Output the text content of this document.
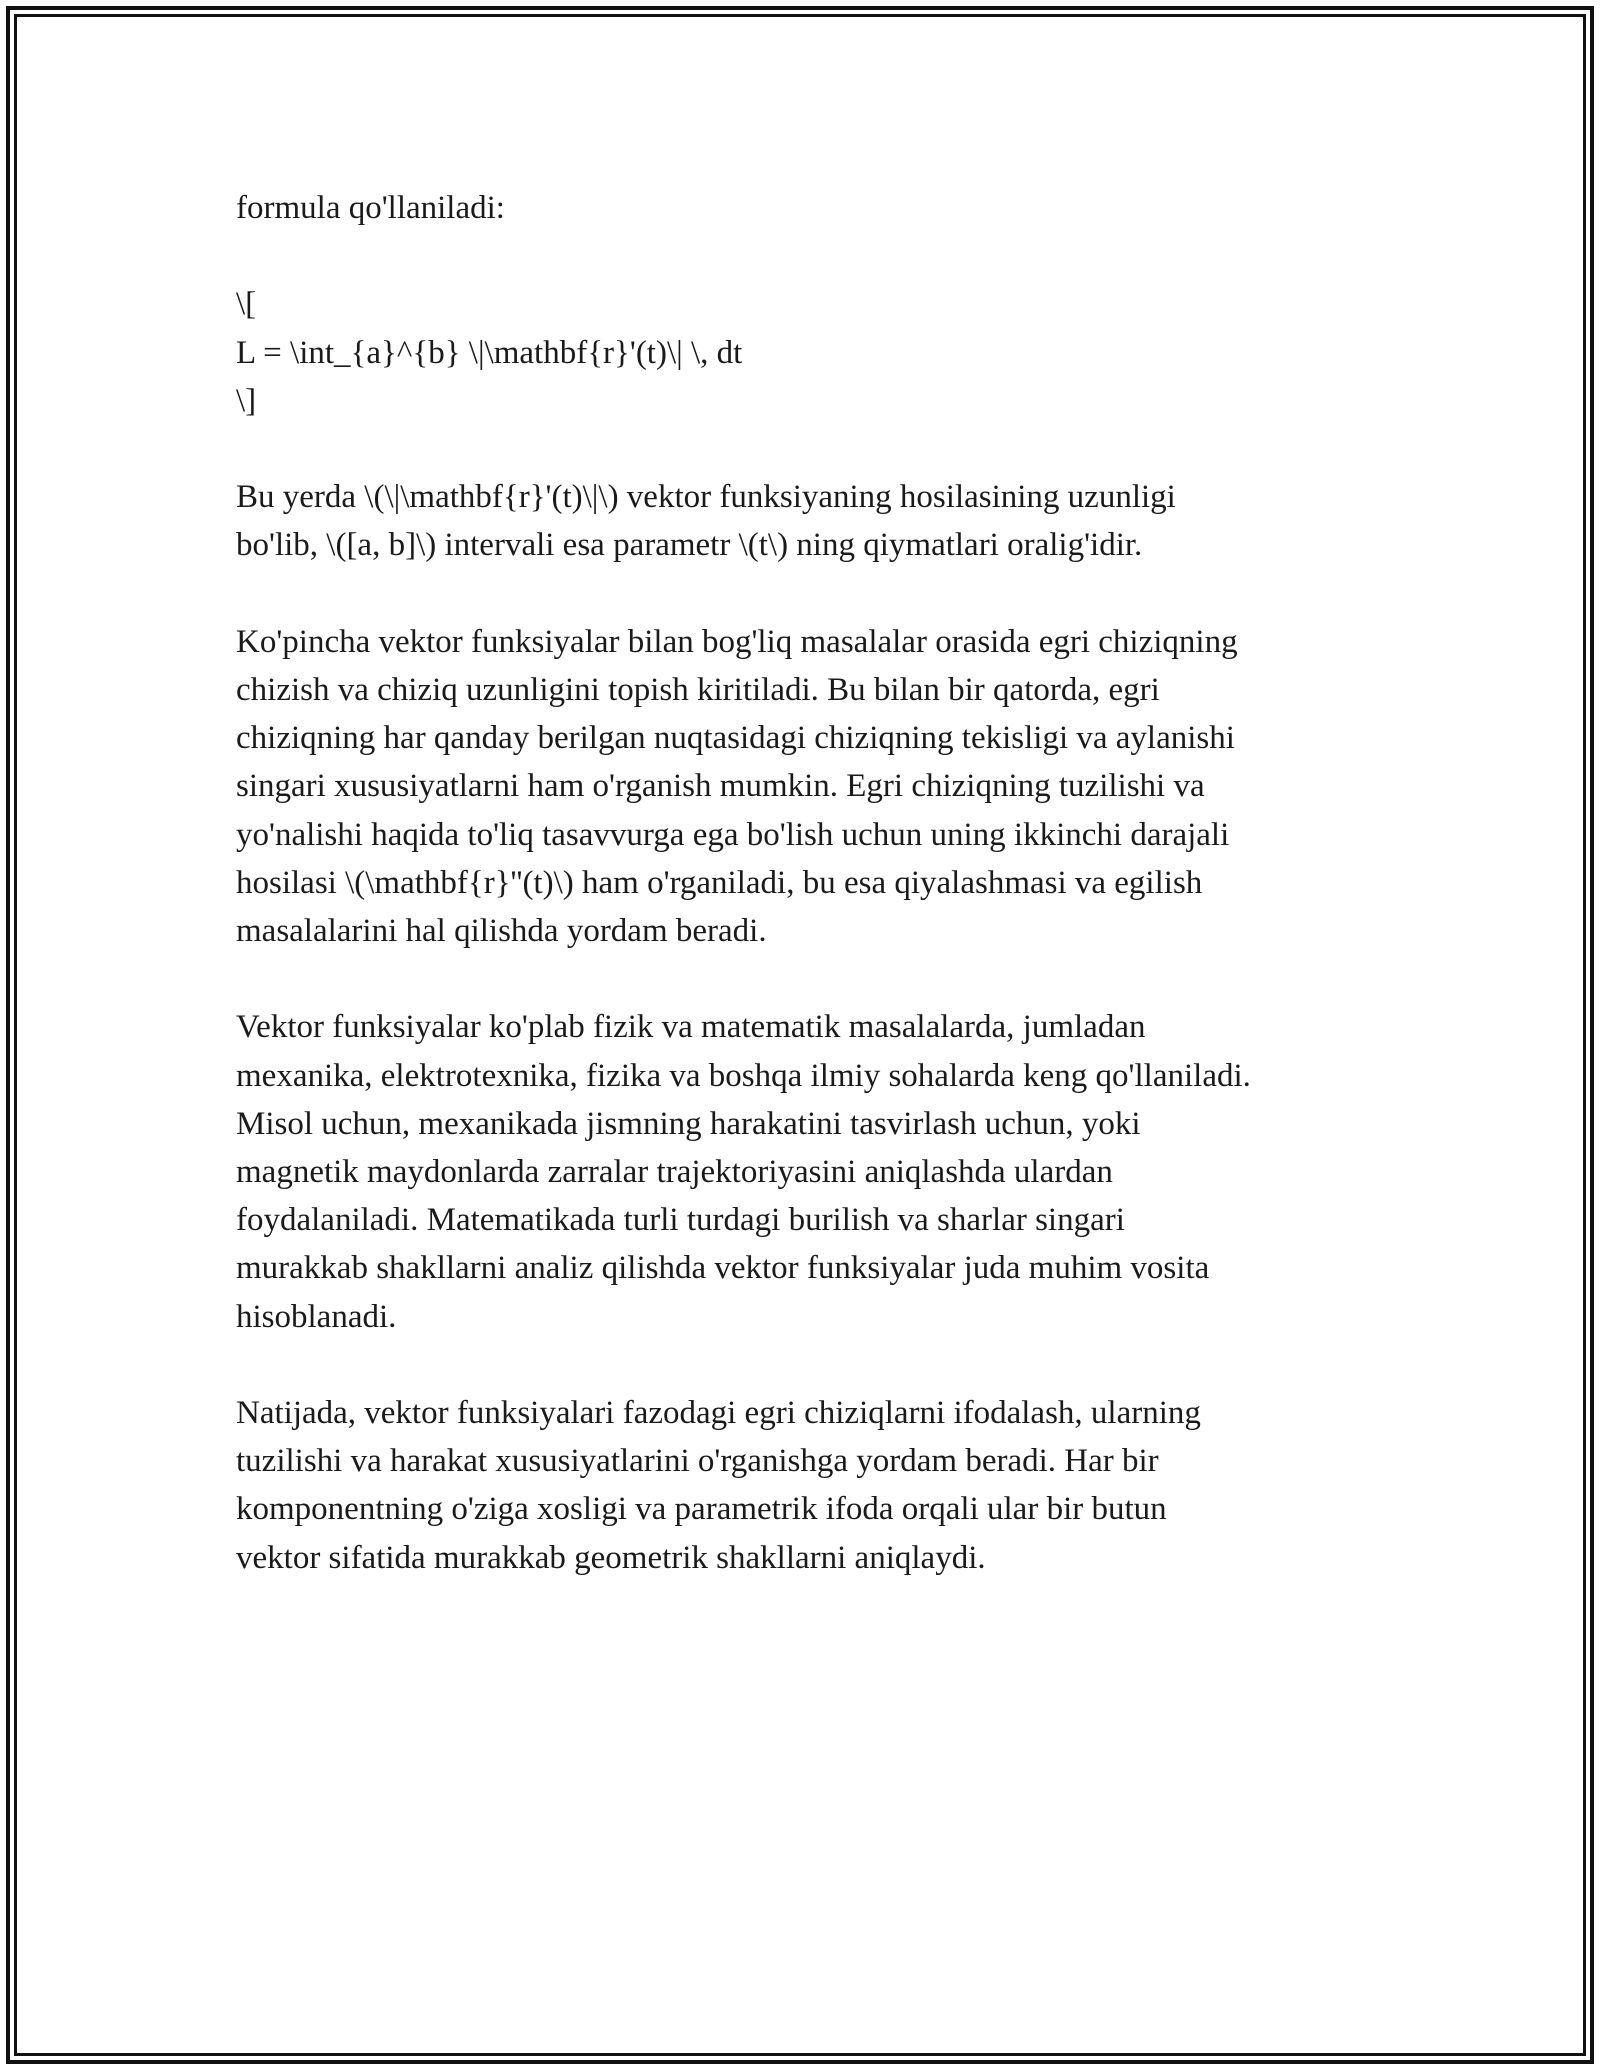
formula qo'llaniladi:

\[
L = \int_{a}^{b} \|\mathbf{r}'(t)\| \, dt
\]

Bu yerda \(\|\mathbf{r}'(t)\|\) vektor funksiyaning hosilasining uzunligi
bo'lib, \([a, b]\) intervali esa parametr \(t\) ning qiymatlari oralig'idir.

Ko'pincha vektor funksiyalar bilan bog'liq masalalar orasida egri chiziqning
chizish va chiziq uzunligini topish kiritiladi. Bu bilan bir qatorda, egri
chiziqning har qanday berilgan nuqtasidagi chiziqning tekisligi va aylanishi
singari xususiyatlarni ham o'rganish mumkin. Egri chiziqning tuzilishi va
yo'nalishi haqida to'liq tasavvurga ega bo'lish uchun uning ikkinchi darajali
hosilasi \(\mathbf{r}''(t)\) ham o'rganiladi, bu esa qiyalashmasi va egilish
masalalarini hal qilishda yordam beradi.

Vektor funksiyalar ko'plab fizik va matematik masalalarda, jumladan
mexanika, elektrotexnika, fizika va boshqa ilmiy sohalarda keng qo'llaniladi.
Misol uchun, mexanikada jismning harakatini tasvirlash uchun, yoki
magnetik maydonlarda zarralar trajektoriyasini aniqlashda ulardan
foydalaniladi. Matematikada turli turdagi burilish va sharlar singari
murakkab shakllarni analiz qilishda vektor funksiyalar juda muhim vosita
hisoblanadi.

Natijada, vektor funksiyalari fazodagi egri chiziqlarni ifodalash, ularning
tuzilishi va harakat xususiyatlarini o'rganishga yordam beradi. Har bir
komponentning o'ziga xosligi va parametrik ifoda orqali ular bir butun
vektor sifatida murakkab geometrik shakllarni aniqlaydi.
